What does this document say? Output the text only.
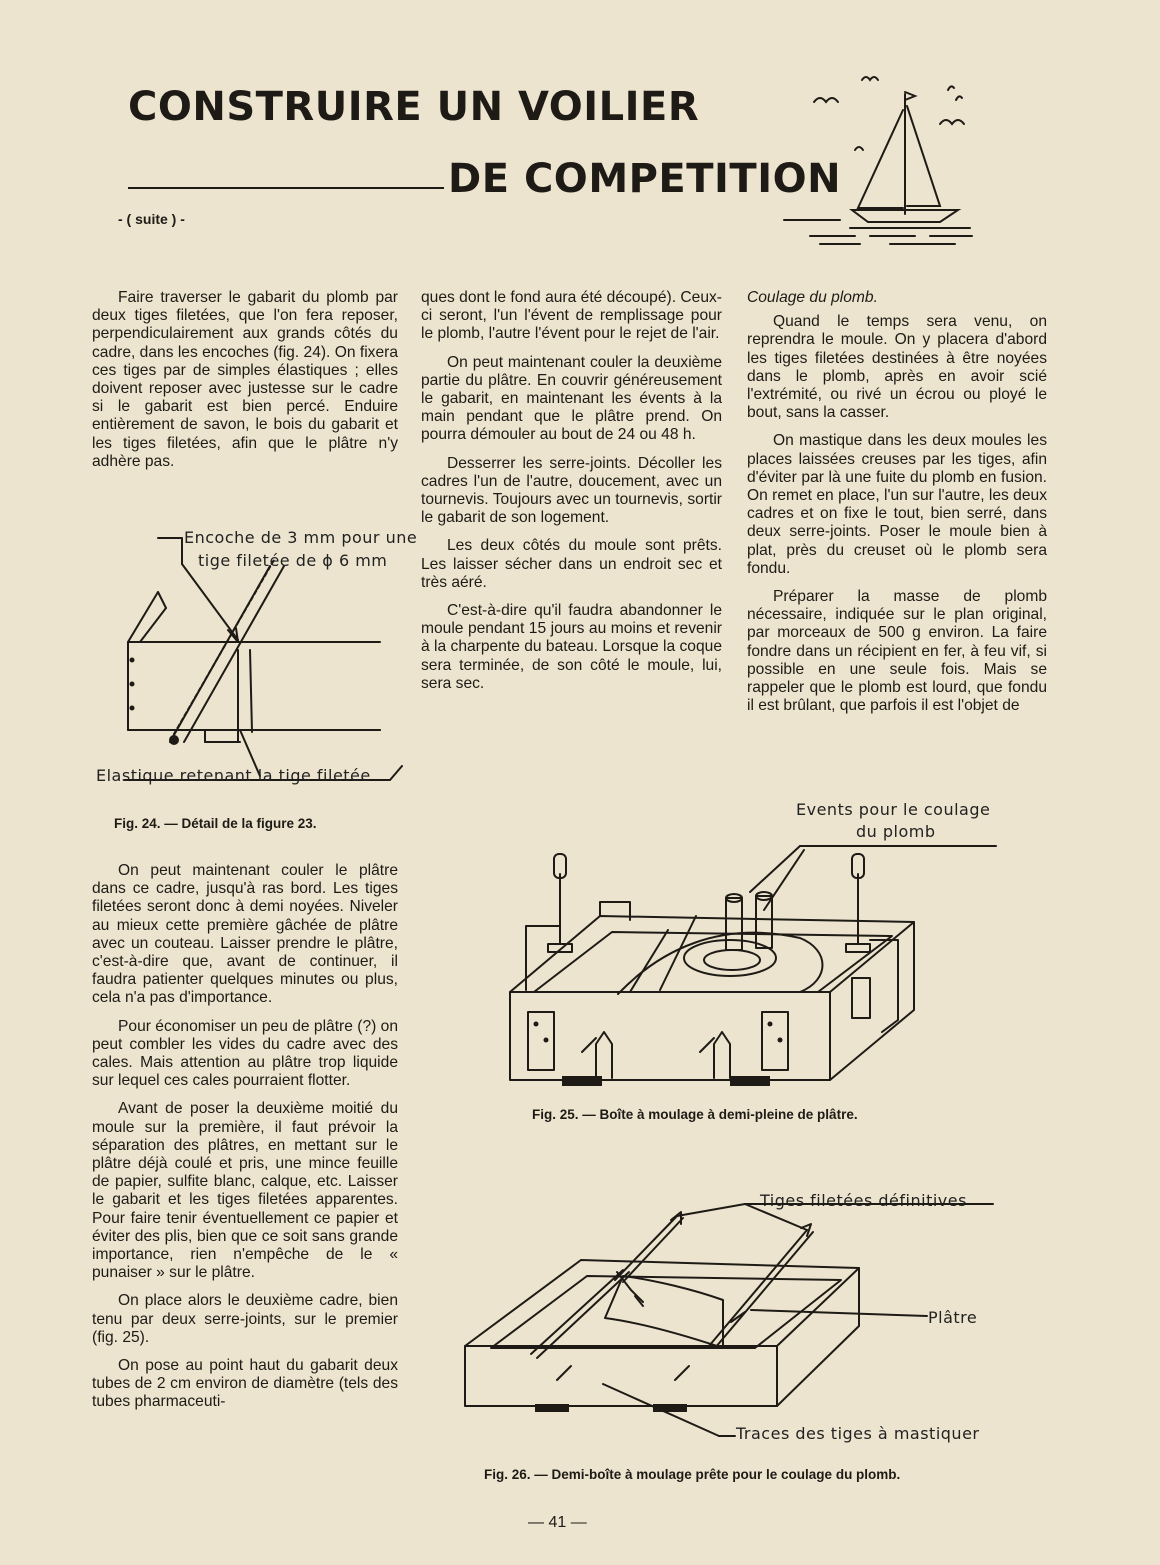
CONSTRUIRE UN VOILIER
DE COMPETITION
- ( suite ) -

Faire traverser le gabarit du plomb par deux tiges filetées, que l'on fera reposer, perpendiculairement aux grands côtés du cadre, dans les encoches (fig. 24). On fixera ces tiges par de simples élastiques ; elles doivent reposer avec justesse sur le cadre si le gabarit est bien percé. Enduire entièrement de savon, le bois du gabarit et les tiges filetées, afin que le plâtre n'y adhère pas.

Encoche de 3 mm pour une
tige filetée de ϕ 6 mm
Elastique retenant la tige filetée
Fig. 24. — Détail de la figure 23.

On peut maintenant couler le plâtre dans ce cadre, jusqu'à ras bord. Les tiges filetées seront donc à demi noyées. Niveler au mieux cette première gâchée de plâtre avec un couteau. Laisser prendre le plâtre, c'est-à-dire que, avant de continuer, il faudra patienter quelques minutes ou plus, cela n'a pas d'importance.

Pour économiser un peu de plâtre (?) on peut combler les vides du cadre avec des cales. Mais attention au plâtre trop liquide sur lequel ces cales pourraient flotter.

Avant de poser la deuxième moitié du moule sur la première, il faut prévoir la séparation des plâtres, en mettant sur le plâtre déjà coulé et pris, une mince feuille de papier, sulfite blanc, calque, etc. Laisser le gabarit et les tiges filetées apparentes. Pour faire tenir éventuellement ce papier et éviter des plis, bien que ce soit sans grande importance, rien n'empêche de le « punaiser » sur le plâtre.

On place alors le deuxième cadre, bien tenu par deux serre-joints, sur le premier (fig. 25).

On pose au point haut du gabarit deux tubes de 2 cm environ de diamètre (tels des tubes pharmaceuti-

ques dont le fond aura été découpé). Ceux-ci seront, l'un l'évent de remplissage pour le plomb, l'autre l'évent pour le rejet de l'air.

On peut maintenant couler la deuxième partie du plâtre. En couvrir généreusement le gabarit, en maintenant les évents à la main pendant que le plâtre prend. On pourra démouler au bout de 24 ou 48 h.

Desserrer les serre-joints. Décoller les cadres l'un de l'autre, doucement, avec un tournevis. Toujours avec un tournevis, sortir le gabarit de son logement.

Les deux côtés du moule sont prêts. Les laisser sécher dans un endroit sec et très aéré.

C'est-à-dire qu'il faudra abandonner le moule pendant 15 jours au moins et revenir à la charpente du bateau. Lorsque la coque sera terminée, de son côté le moule, lui, sera sec.

Coulage du plomb.

Quand le temps sera venu, on reprendra le moule. On y placera d'abord les tiges filetées destinées à être noyées dans le plomb, après en avoir scié l'extrémité, ou rivé un écrou ou ployé le bout, sans la casser.

On mastique dans les deux moules les places laissées creuses par les tiges, afin d'éviter par là une fuite du plomb en fusion. On remet en place, l'un sur l'autre, les deux cadres et on fixe le tout, bien serré, dans deux serre-joints. Poser le moule bien à plat, près du creuset où le plomb sera fondu.

Préparer la masse de plomb nécessaire, indiquée sur le plan original, par morceaux de 500 g environ. La faire fondre dans un récipient en fer, à feu vif, si possible en une seule fois. Mais se rappeler que le plomb est lourd, que fondu il est brûlant, que parfois il est l'objet de

Events pour le coulage
du plomb
Fig. 25. — Boîte à moulage à demi-pleine de plâtre.
Tiges filetées définitives
Plâtre
Traces des tiges à mastiquer
Fig. 26. — Demi-boîte à moulage prête pour le coulage du plomb.
— 41 —
